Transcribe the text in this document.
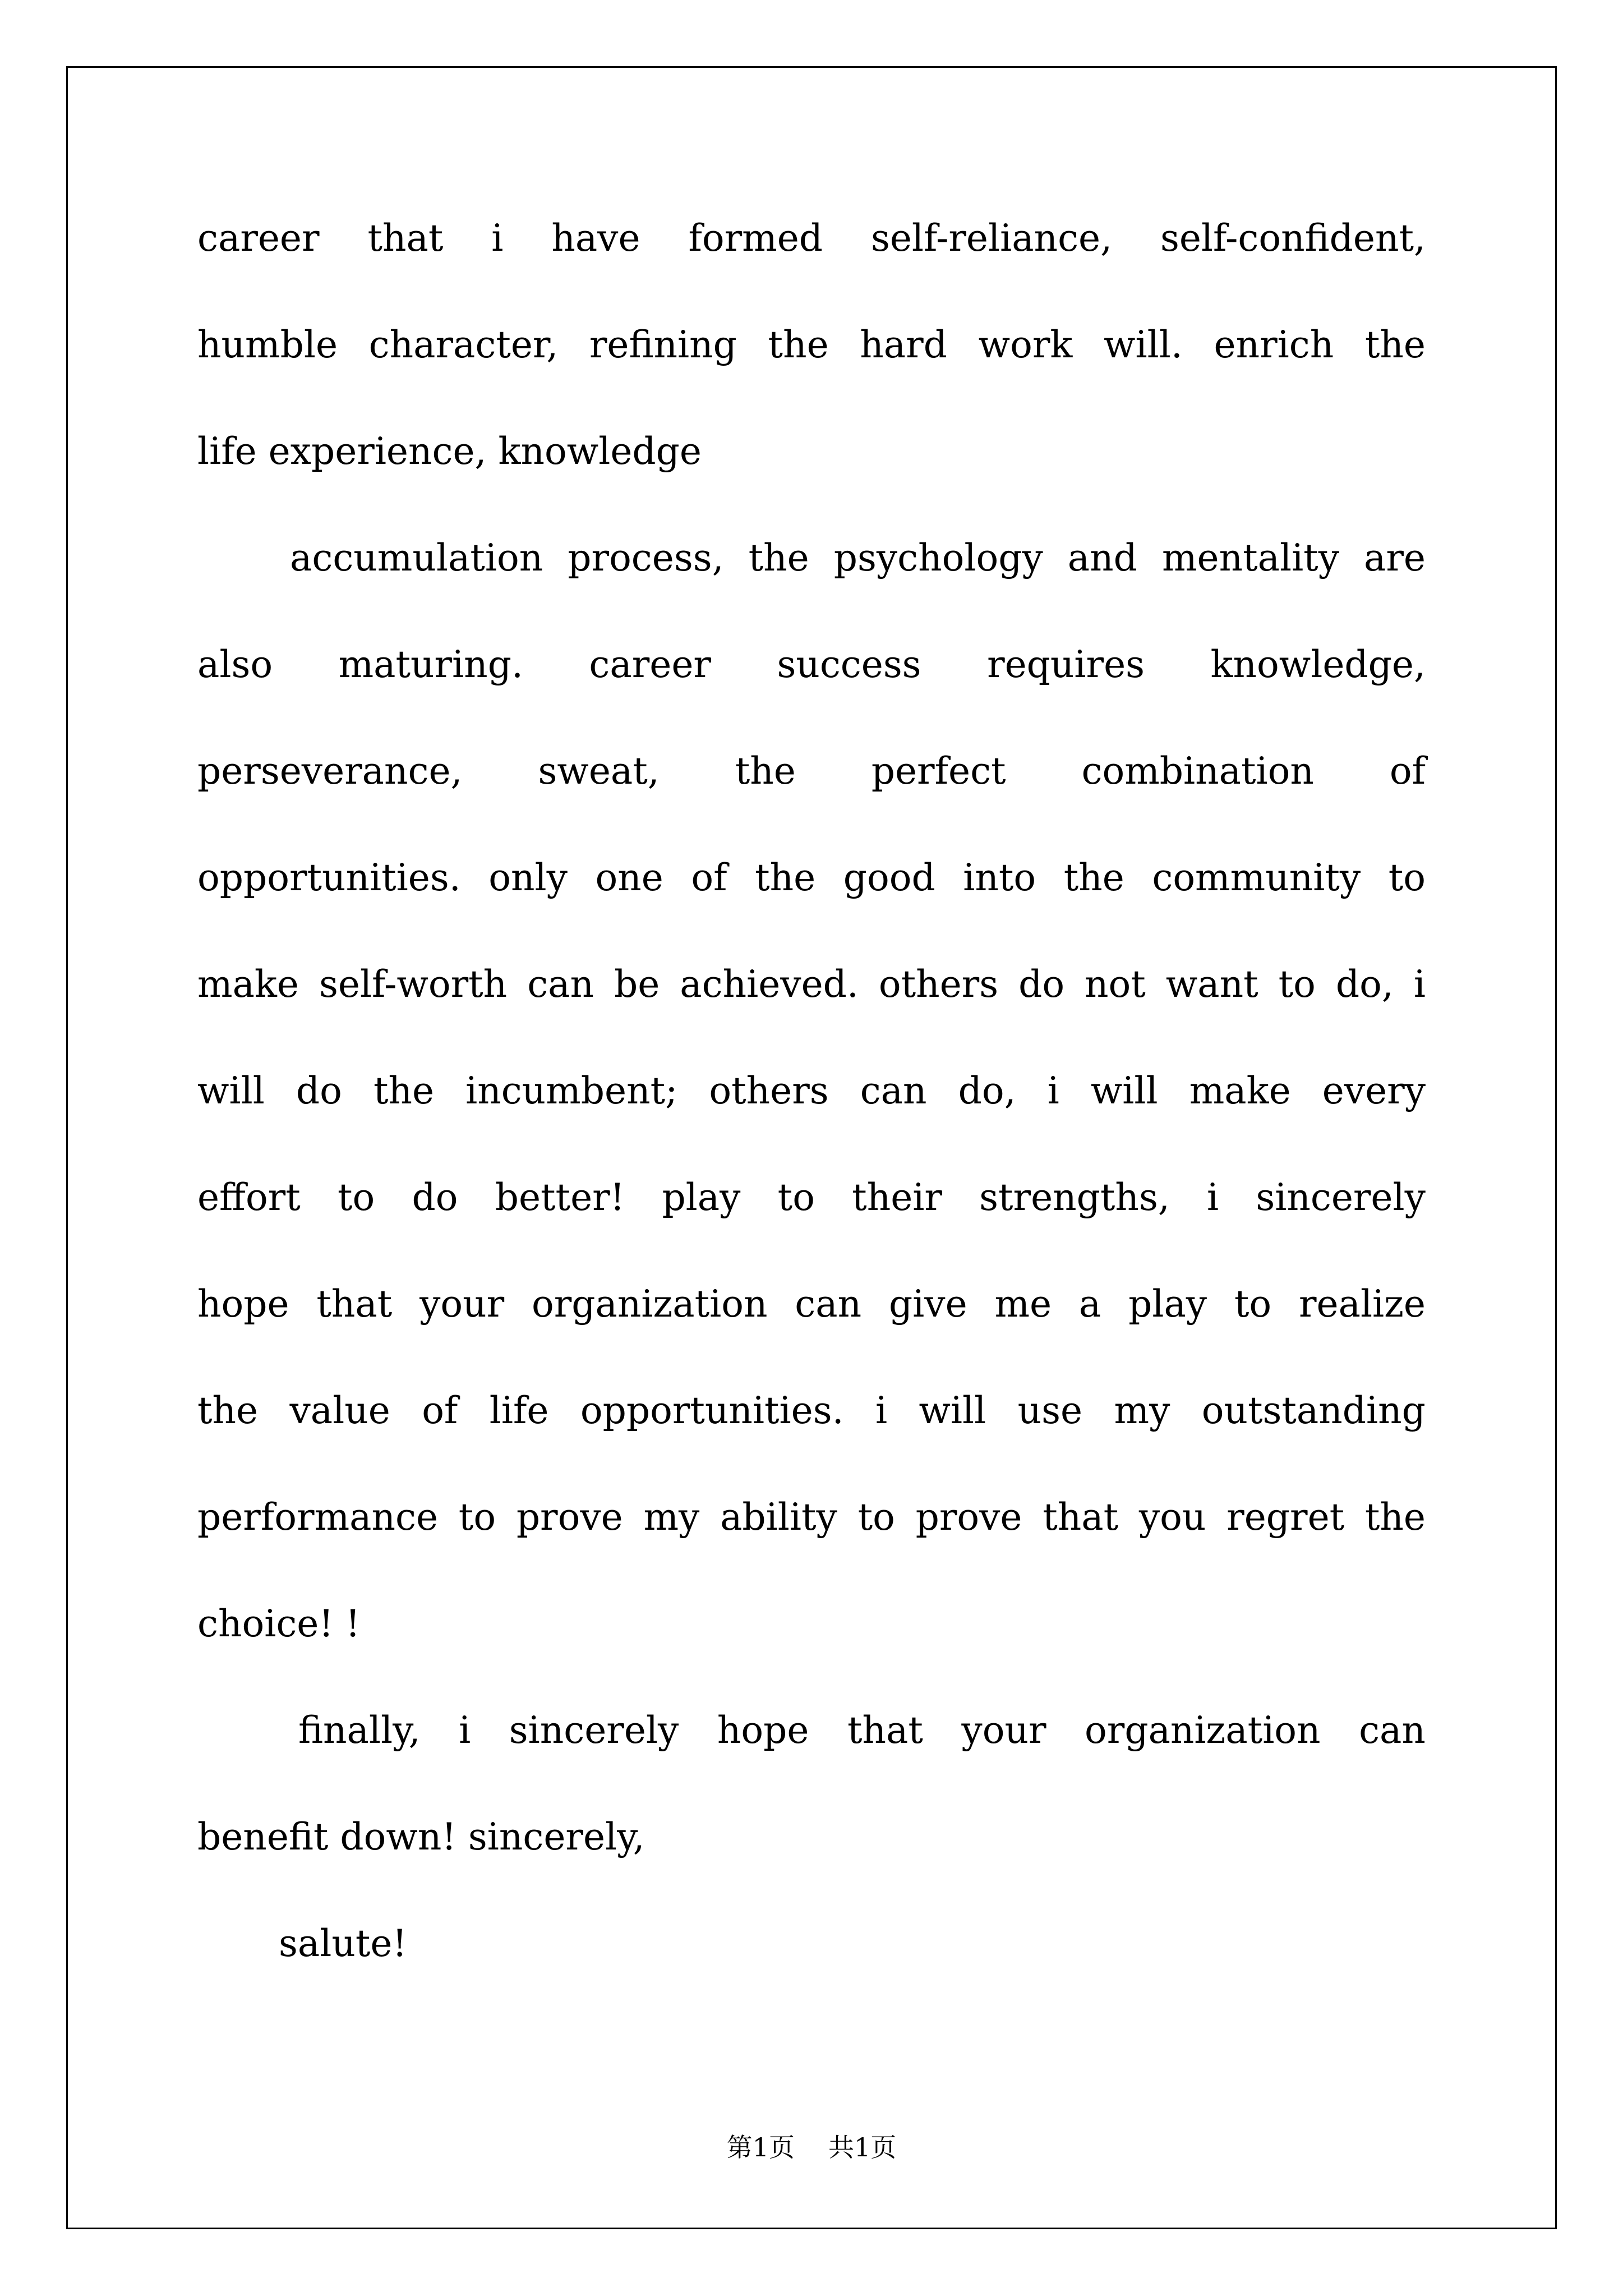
career that i have formed self-reliance, self-confident,
humble character, refining the hard work will. enrich the
life experience, knowledge
accumulation process, the psychology and mentality are
also maturing. career success requires knowledge,
perseverance, sweat, the perfect combination of
opportunities. only one of the good into the community to
make self-worth can be achieved. others do not want to do, i
will do the incumbent; others can do, i will make every
effort to do better! play to their strengths, i sincerely
hope that your organization can give me a play to realize
the value of life opportunities. i will use my outstanding
performance to prove my ability to prove that you regret the
choice! !
finally, i sincerely hope that your organization can
benefit down! sincerely,
salute!
第1页 共1页
